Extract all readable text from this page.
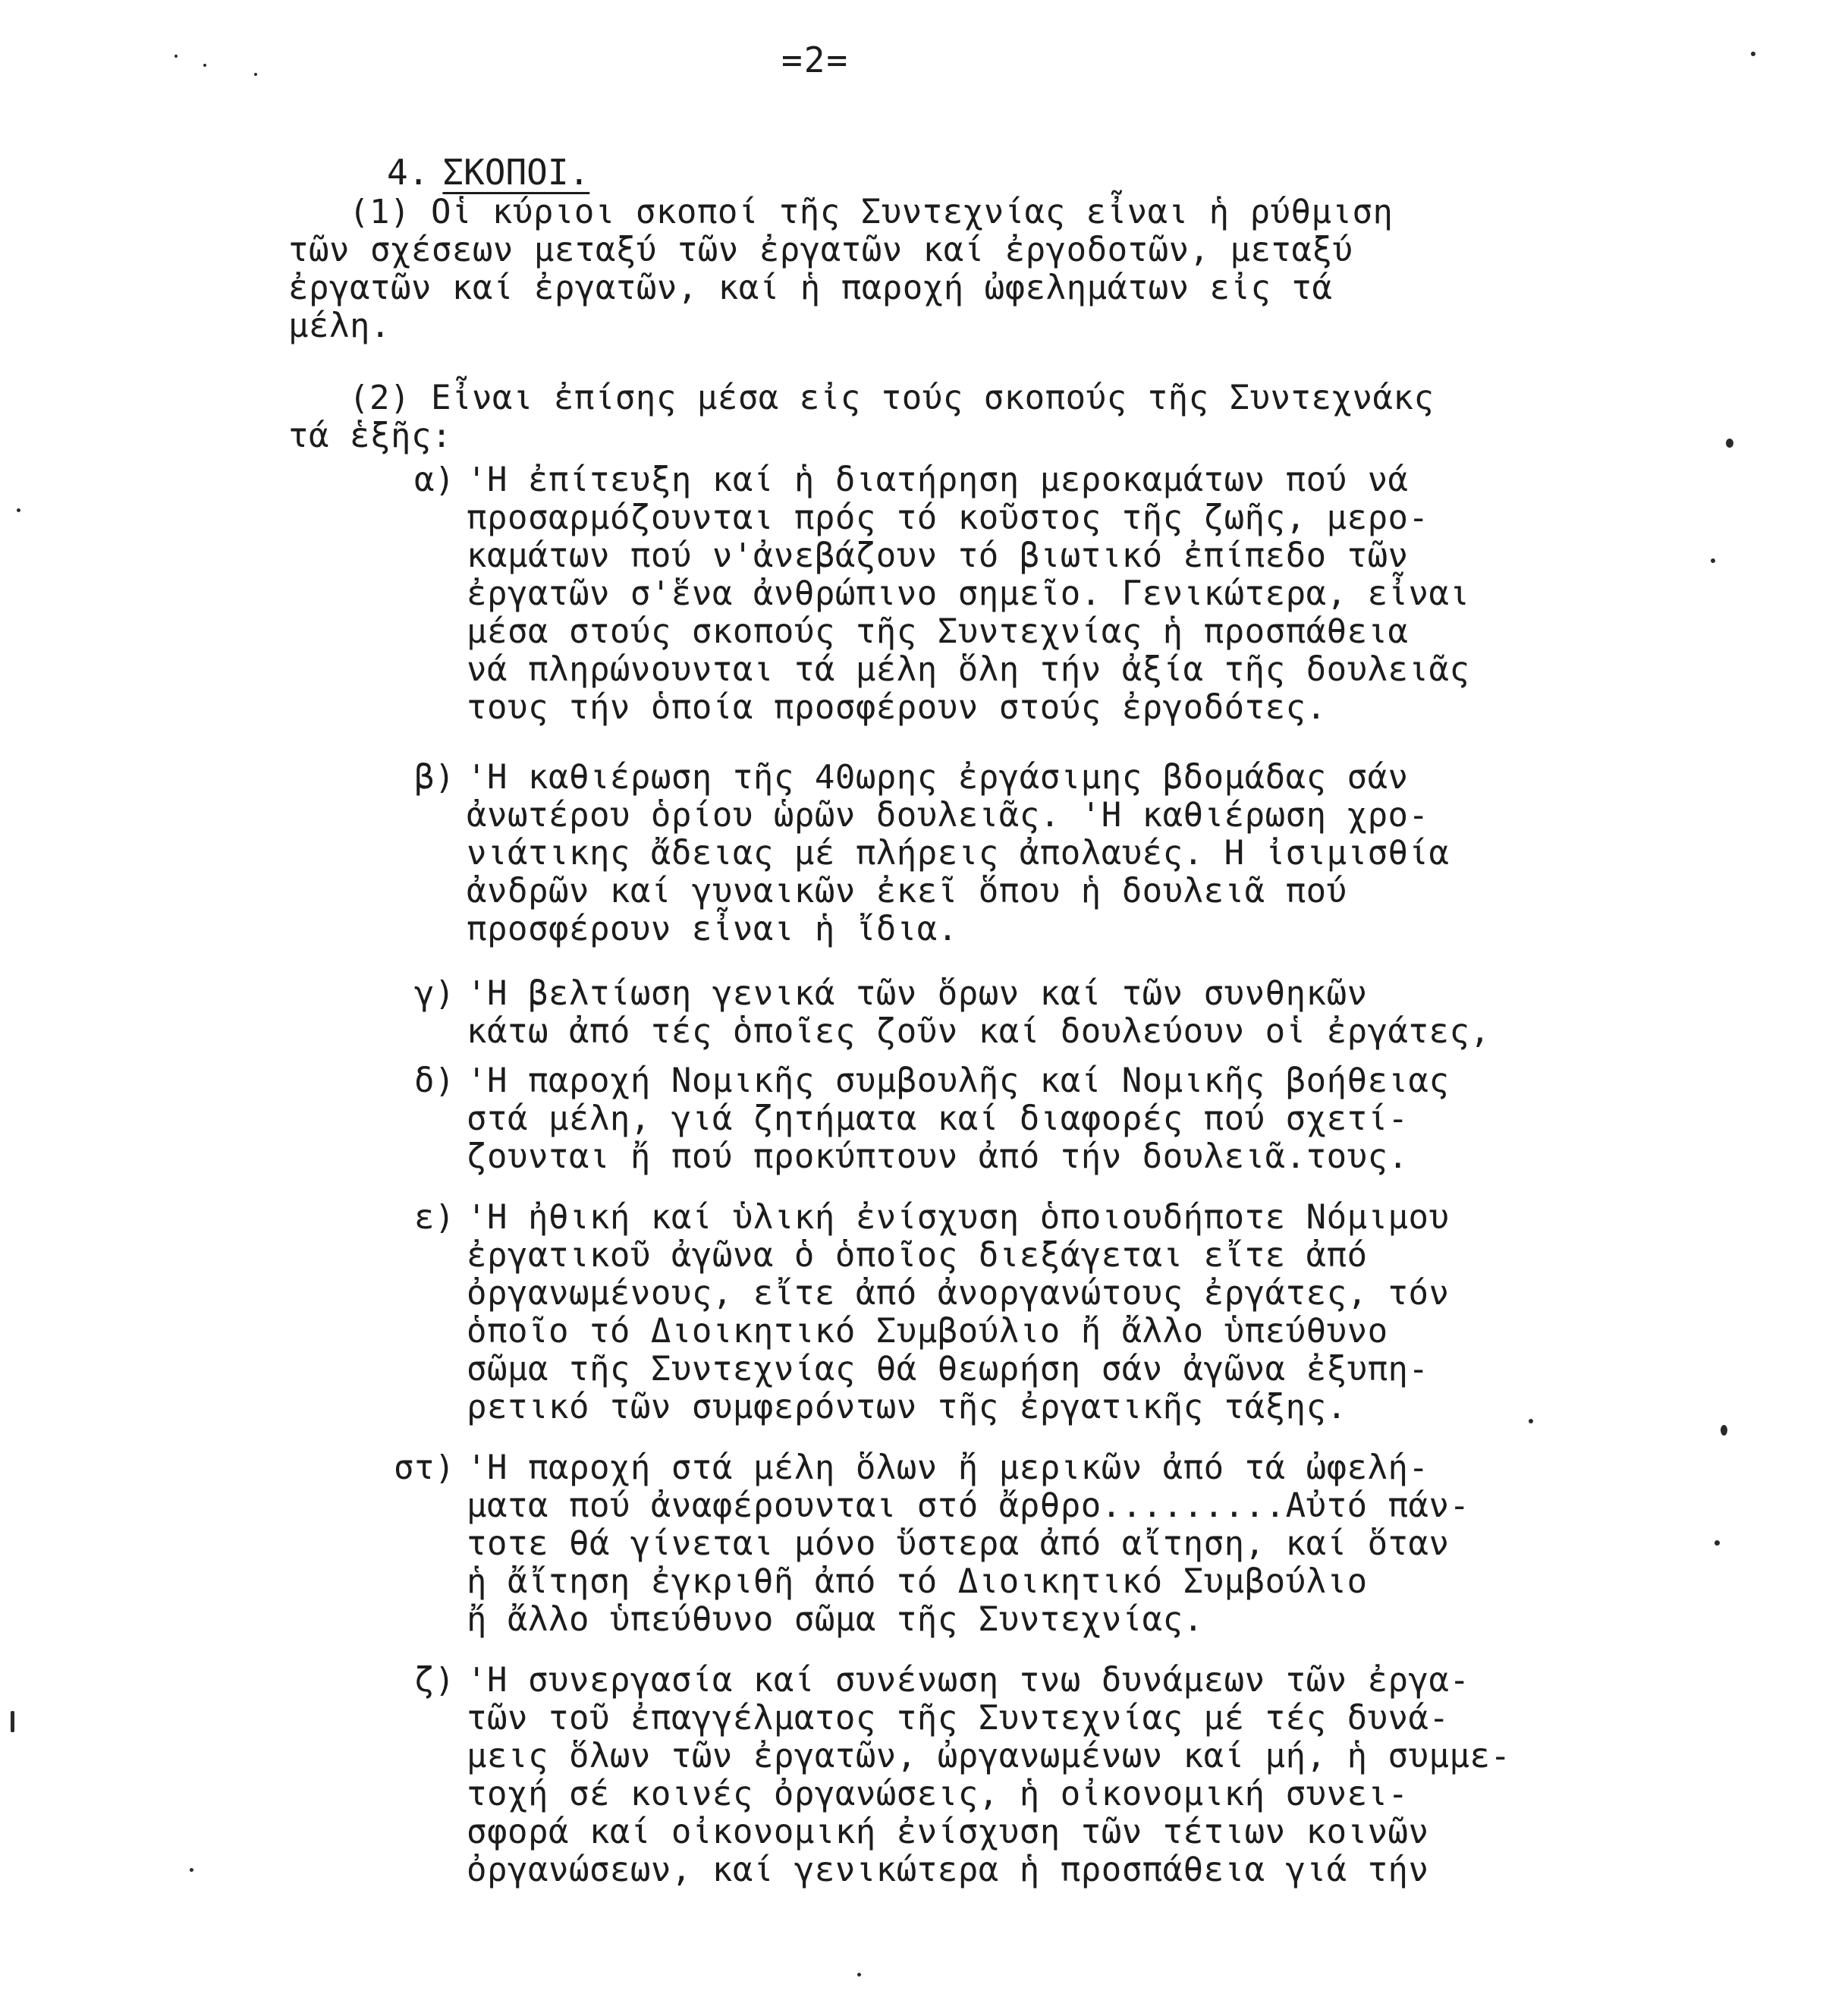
=2=
4. ΣΚΟΠΟΙ.
(1) Οἱ κύριοι σκοποί τῆς Συντεχνίας εἶναι ἡ ρύθμιση
τῶν σχέσεων μεταξύ τῶν ἐργατῶν καί ἐργοδοτῶν, μεταξύ
ἐργατῶν καί ἐργατῶν, καί ἡ παροχή ὠφελημάτων εἰς τά
μέλη.
(2) Εἶναι ἐπίσης μέσα εἰς τούς σκοπούς τῆς Συντεχνάκς
τά ἑξῆς:
α) 'Η ἐπίτευξη καί ἡ διατήρηση μεροκαμάτων πού νά
προσαρμόζουνται πρός τό κοῦστος τῆς ζωῆς, μερο-
καμάτων πού ν'ἀνεβάζουν τό βιωτικό ἐπίπεδο τῶν
ἐργατῶν σ'ἕνα ἀνθρώπινο σημεῖο. Γενικώτερα, εἶναι
μέσα στούς σκοπούς τῆς Συντεχνίας ἡ προσπάθεια
νά πληρώνουνται τά μέλη ὅλη τήν ἀξία τῆς δουλειᾶς
τους τήν ὁποία προσφέρουν στούς ἐργοδότες.
β) 'Η καθιέρωση τῆς 40ωρης ἐργάσιμης βδομάδας σάν
ἀνωτέρου ὁρίου ὡρῶν δουλειᾶς. 'Η καθιέρωση χρο-
νιάτικης ἄδειας μέ πλήρεις ἀπολαυές. Η ἰσιμισθία
ἀνδρῶν καί γυναικῶν ἐκεῖ ὅπου ἡ δουλειᾶ πού
προσφέρουν εἶναι ἡ ἴδια.
γ) 'Η βελτίωση γενικά τῶν ὅρων καί τῶν συνθηκῶν
κάτω ἀπό τές ὁποῖες ζοῦν καί δουλεύουν οἱ ἐργάτες,
δ) 'Η παροχή Νομικῆς συμβουλῆς καί Νομικῆς βοήθειας
στά μέλη, γιά ζητήματα καί διαφορές πού σχετί-
ζουνται ἤ πού προκύπτουν ἀπό τήν δουλειᾶ.τους.
ε) 'Η ἠθική καί ὑλική ἐνίσχυση ὁποιουδήποτε Νόμιμου
ἐργατικοῦ ἀγῶνα ὁ ὁποῖος διεξάγεται εἴτε ἀπό
ὀργανωμένους, εἴτε ἀπό ἀνοργανώτους ἐργάτες, τόν
ὁποῖο τό Διοικητικό Συμβούλιο ἤ ἄλλο ὑπεύθυνο
σῶμα τῆς Συντεχνίας θά θεωρήση σάν ἀγῶνα ἐξυπη-
ρετικό τῶν συμφερόντων τῆς ἐργατικῆς τάξης.
στ) 'Η παροχή στά μέλη ὅλων ἤ μερικῶν ἀπό τά ὠφελή-
ματα πού ἀναφέρουνται στό ἄρθρο.........Αὐτό πάν-
τοτε θά γίνεται μόνο ὕστερα ἀπό αἴτηση, καί ὅταν
ἡ ἄἴτηση ἐγκριθῆ ἀπό τό Διοικητικό Συμβούλιο
ἤ ἄλλο ὑπεύθυνο σῶμα τῆς Συντεχνίας.
ζ) 'Η συνεργασία καί συνένωση τνω δυνάμεων τῶν ἐργα-
τῶν τοῦ ἐπαγγέλματος τῆς Συντεχνίας μέ τές δυνά-
μεις ὅλων τῶν ἐργατῶν, ὠργανωμένων καί μή, ἡ συμμε-
τοχή σέ κοινές ὀργανώσεις, ἡ οἰκονομική συνει-
σφορά καί οἰκονομική ἐνίσχυση τῶν τέτιων κοινῶν
ὀργανώσεων, καί γενικώτερα ἡ προσπάθεια γιά τήν
